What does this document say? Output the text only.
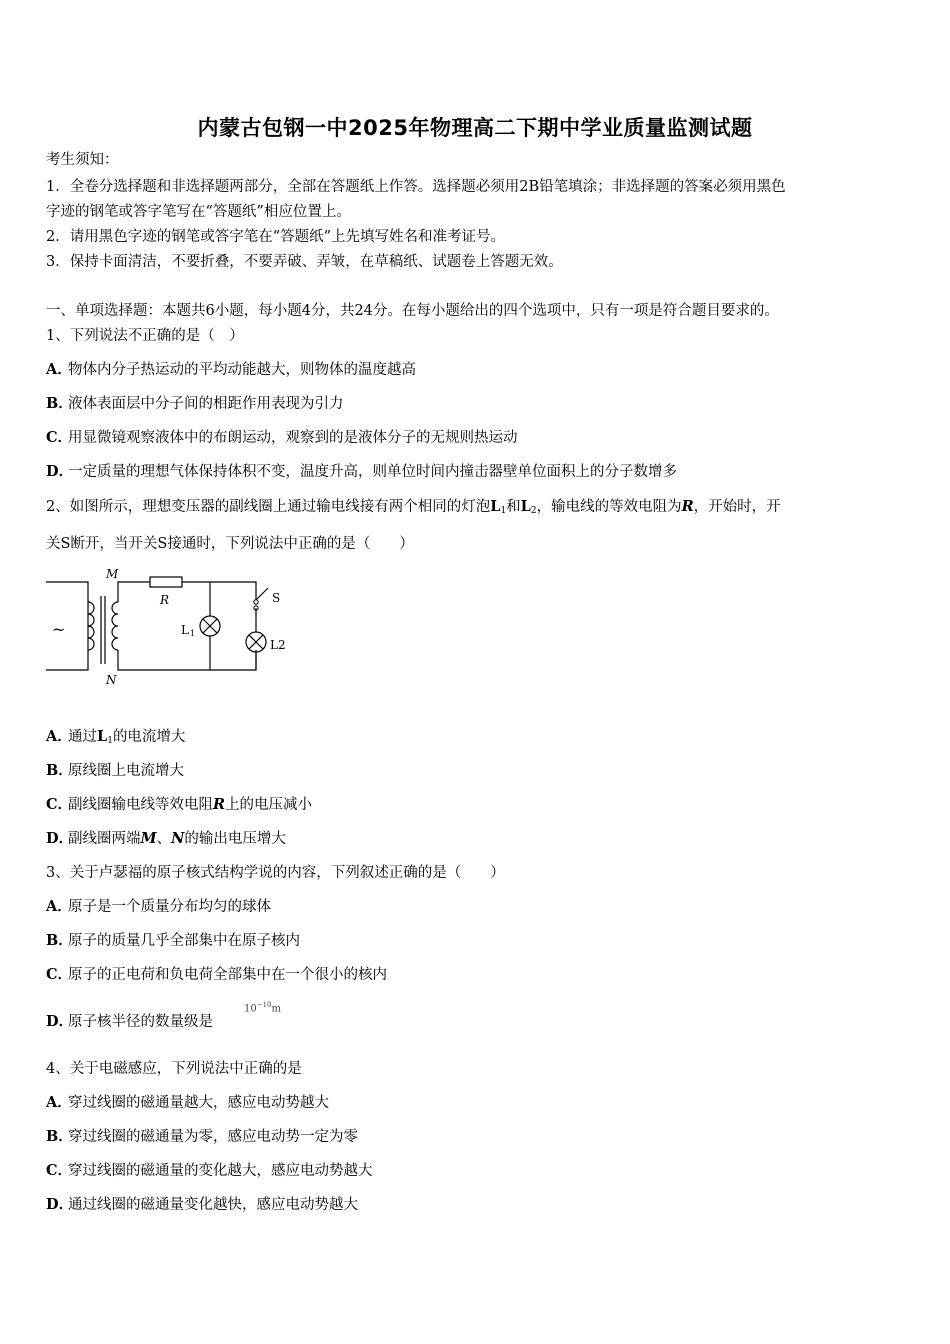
内蒙古包钢一中2025年物理高二下期中学业质量监测试题
考生须知：
1．全卷分选择题和非选择题两部分，全部在答题纸上作答。选择题必须用2B铅笔填涂；非选择题的答案必须用黑色
字迹的钢笔或答字笔写在“答题纸”相应位置上。
2．请用黑色字迹的钢笔或答字笔在“答题纸”上先填写姓名和准考证号。
3．保持卡面清洁，不要折叠，不要弄破、弄皱，在草稿纸、试题卷上答题无效。
一、单项选择题：本题共6小题，每小题4分，共24分。在每小题给出的四个选项中，只有一项是符合题目要求的。
1、下列说法不正确的是（　）
A．物体内分子热运动的平均动能越大，则物体的温度越高
B．液体表面层中分子间的相距作用表现为引力
C．用显微镜观察液体中的布朗运动，观察到的是液体分子的无规则热运动
D．一定质量的理想气体保持体积不变，温度升高，则单位时间内撞击器壁单位面积上的分子数增多
2、如图所示，理想变压器的副线圈上通过输电线接有两个相同的灯泡$L_1$和$L_2$，输电线的等效电阻为R，开始时，开
关S断开，当开关S接通时，下列说法中正确的是（　　）
~
M
N
R	S
L 1
L2
A．通过$L_1$的电流增大
B．原线圈上电流增大
C．副线圈输电线等效电阻R上的电压减小
D．副线圈两端M、N的输出电压增大
3、关于卢瑟福的原子核式结构学说的内容，下列叙述正确的是（　　）
A．原子是一个质量分布均匀的球体
B．原子的质量几乎全部集中在原子核内
C．原子的正电荷和负电荷全部集中在一个很小的核内
D．原子核半径的数量级是
$10^{-10}m$
4、关于电磁感应，下列说法中正确的是
A．穿过线圈的磁通量越大，感应电动势越大
B．穿过线圈的磁通量为零，感应电动势一定为零
C．穿过线圈的磁通量的变化越大，感应电动势越大
D．通过线圈的磁通量变化越快，感应电动势越大
